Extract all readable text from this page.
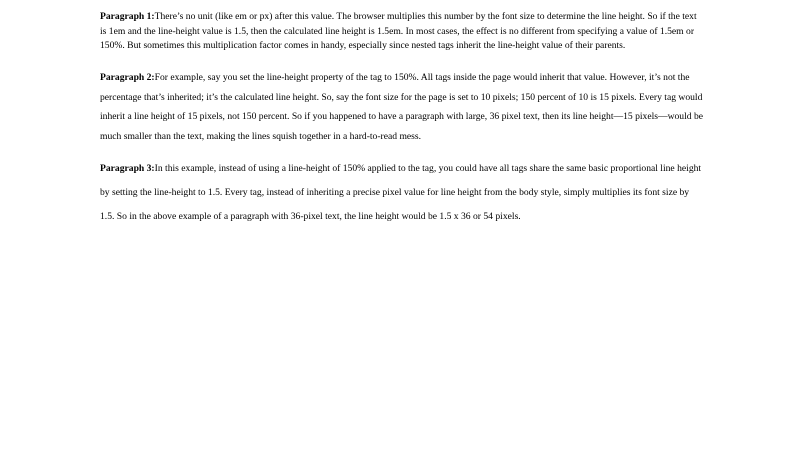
Paragraph 1:There’s no unit (like em or px) after this value. The browser multiplies this number by the font size to determine the line height. So if the text is 1em and the line-height value is 1.5, then the calculated line height is 1.5em. In most cases, the effect is no different from specifying a value of 1.5em or 150%. But sometimes this multiplication factor comes in handy, especially since nested tags inherit the line-height value of their parents.

Paragraph 2:For example, say you set the line-height property of the tag to 150%. All tags inside the page would inherit that value. However, it’s not the percentage that’s inherited; it’s the calculated line height. So, say the font size for the page is set to 10 pixels; 150 percent of 10 is 15 pixels. Every tag would inherit a line height of 15 pixels, not 150 percent. So if you happened to have a paragraph with large, 36 pixel text, then its line height—15 pixels—would be much smaller than the text, making the lines squish together in a hard-to-read mess.

Paragraph 3:In this example, instead of using a line-height of 150% applied to the tag, you could have all tags share the same basic proportional line height by setting the line-height to 1.5. Every tag, instead of inheriting a precise pixel value for line height from the body style, simply multiplies its font size by 1.5. So in the above example of a paragraph with 36-pixel text, the line height would be 1.5 x 36 or 54 pixels.
